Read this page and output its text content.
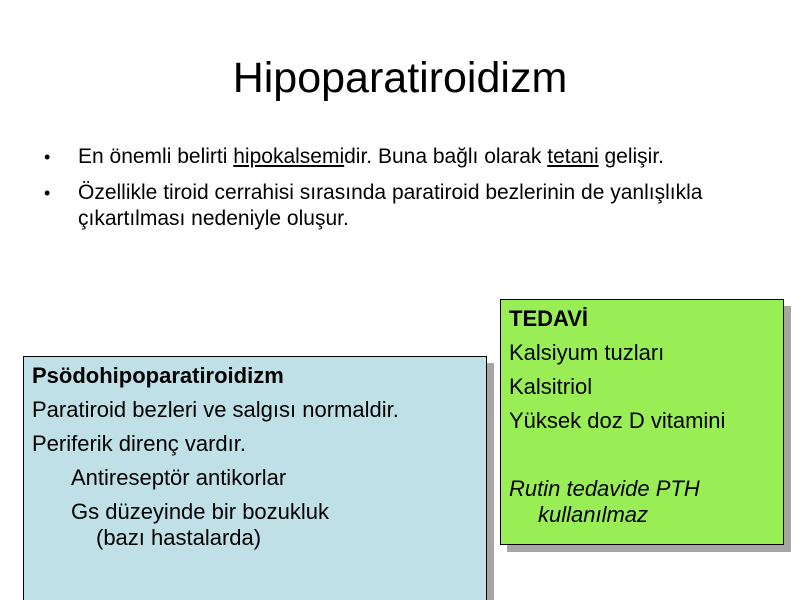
Hipoparatiroidizm
• En önemli belirti hipokalsemidir. Buna bağlı olarak tetani gelişir.
• Özellikle tiroid cerrahisi sırasında paratiroid bezlerinin de yanlışlıkla çıkartılması nedeniyle oluşur.
Psödohipoparatiroidizm
Paratiroid bezleri ve salgısı normaldir.
Periferik direnç vardır.
Antireseptör antikorlar
Gs düzeyinde bir bozukluk
(bazı hastalarda)
TEDAVİ
Kalsiyum tuzları
Kalsitriol
Yüksek doz D vitamini
Rutin tedavide PTH
kullanılmaz
